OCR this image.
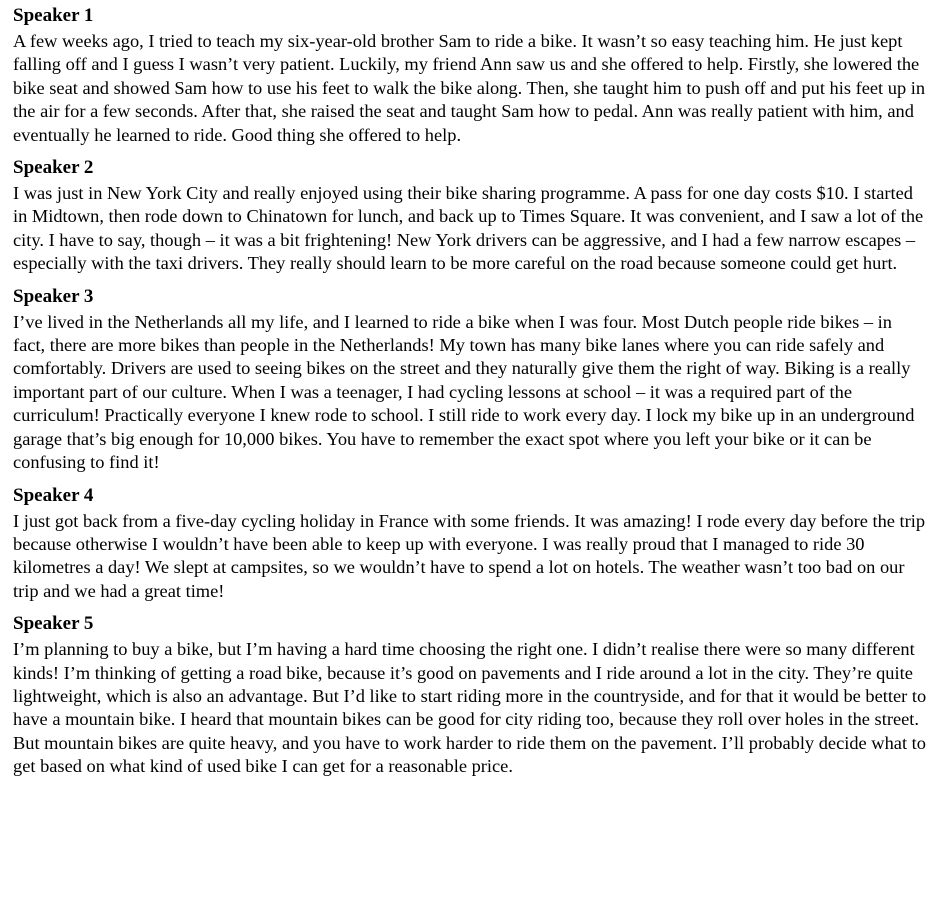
Speaker 1

A few weeks ago, I tried to teach my six-year-old brother Sam to ride a bike. It wasn’t so easy teaching him. He just kept falling off and I guess I wasn’t very patient. Luckily, my friend Ann saw us and she offered to help. Firstly, she lowered the bike seat and showed Sam how to use his feet to walk the bike along. Then, she taught him to push off and put his feet up in the air for a few seconds. After that, she raised the seat and taught Sam how to pedal. Ann was really patient with him, and eventually he learned to ride. Good thing she offered to help.

Speaker 2

I was just in New York City and really enjoyed using their bike sharing programme. A pass for one day costs $10. I started in Midtown, then rode down to Chinatown for lunch, and back up to Times Square. It was convenient, and I saw a lot of the city. I have to say, though – it was a bit frightening! New York drivers can be aggressive, and I had a few narrow escapes – especially with the taxi drivers. They really should learn to be more careful on the road because someone could get hurt.

Speaker 3

I’ve lived in the Netherlands all my life, and I learned to ride a bike when I was four. Most Dutch people ride bikes – in fact, there are more bikes than people in the Netherlands! My town has many bike lanes where you can ride safely and comfortably. Drivers are used to seeing bikes on the street and they naturally give them the right of way. Biking is a really important part of our culture. When I was a teenager, I had cycling lessons at school – it was a required part of the curriculum! Practically everyone I knew rode to school. I still ride to work every day. I lock my bike up in an underground garage that’s big enough for 10,000 bikes. You have to remember the exact spot where you left your bike or it can be confusing to find it!

Speaker 4

I just got back from a five-day cycling holiday in France with some friends. It was amazing! I rode every day before the trip because otherwise I wouldn’t have been able to keep up with everyone. I was really proud that I managed to ride 30 kilometres a day! We slept at campsites, so we wouldn’t have to spend a lot on hotels. The weather wasn’t too bad on our trip and we had a great time!

Speaker 5

I’m planning to buy a bike, but I’m having a hard time choosing the right one. I didn’t realise there were so many different kinds! I’m thinking of getting a road bike, because it’s good on pavements and I ride around a lot in the city. They’re quite lightweight, which is also an advantage. But I’d like to start riding more in the countryside, and for that it would be better to have a mountain bike. I heard that mountain bikes can be good for city riding too, because they roll over holes in the street. But mountain bikes are quite heavy, and you have to work harder to ride them on the pavement. I’ll probably decide what to get based on what kind of used bike I can get for a reasonable price.
